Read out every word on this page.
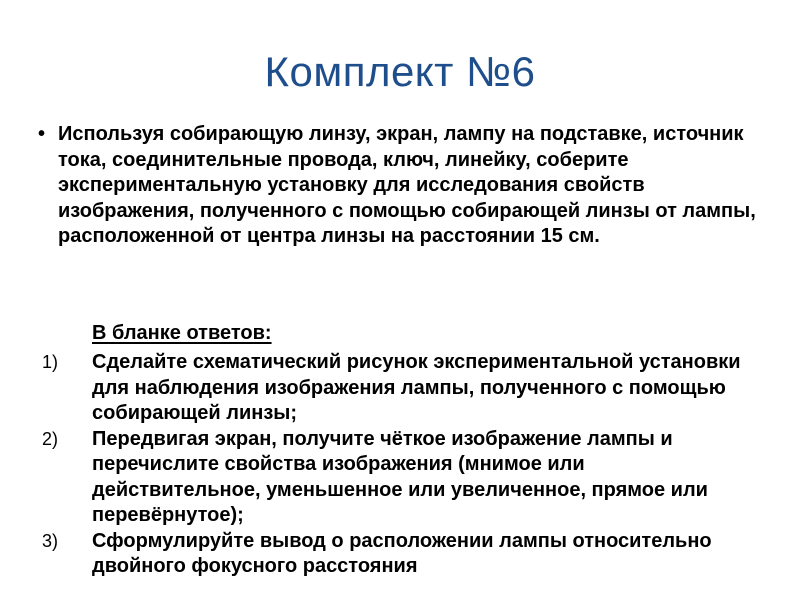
Комплект №6
• Используя собирающую линзу, экран, лампу на подставке, источник тока, соединительные провода, ключ, линейку, соберите экспериментальную установку для исследования свойств изображения, полученного с помощью собирающей линзы от лампы, расположенной от центра линзы на расстоянии 15 см.
В бланке ответов:
1) Сделайте схематический рисунок экспериментальной установки для наблюдения изображения лампы, полученного с помощью собирающей линзы;
2) Передвигая экран, получите чёткое изображение лампы и перечислите свойства изображения (мнимое или действительное, уменьшенное или увеличенное, прямое или перевёрнутое);
3) Сформулируйте вывод о расположении лампы относительно двойного фокусного расстояния
